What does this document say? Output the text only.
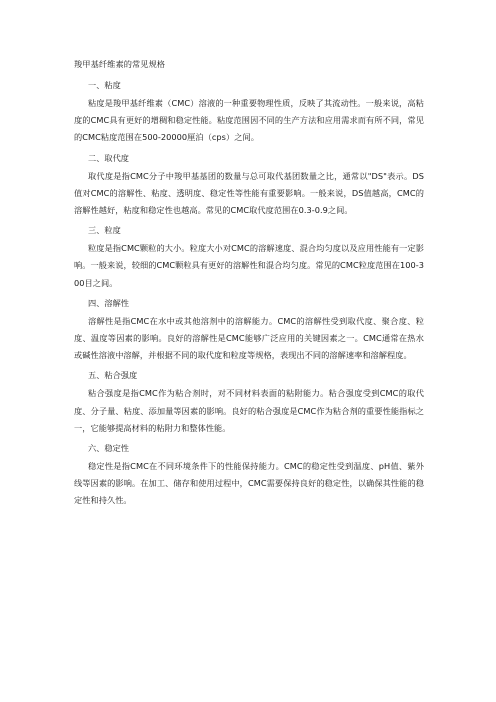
羧甲基纤维素的常见规格
一、粘度

粘度是羧甲基纤维素（CMC）溶液的一种重要物理性质，反映了其流动性。一般来说，高粘度的CMC具有更好的增稠和稳定性能。粘度范围因不同的生产方法和应用需求而有所不同，常见的CMC粘度范围在500-20000厘泊（cps）之间。

二、取代度

取代度是指CMC分子中羧甲基基团的数量与总可取代基团数量之比，通常以"DS"表示。DS值对CMC的溶解性、粘度、透明度、稳定性等性能有重要影响。一般来说，DS值越高，CMC的溶解性越好，粘度和稳定性也越高。常见的CMC取代度范围在0.3-0.9之间。

三、粒度

粒度是指CMC颗粒的大小。粒度大小对CMC的溶解速度、混合均匀度以及应用性能有一定影响。一般来说，较细的CMC颗粒具有更好的溶解性和混合均匀度。常见的CMC粒度范围在100-300目之间。

四、溶解性

溶解性是指CMC在水中或其他溶剂中的溶解能力。CMC的溶解性受到取代度、聚合度、粒度、温度等因素的影响。良好的溶解性是CMC能够广泛应用的关键因素之一。CMC通常在热水或碱性溶液中溶解，并根据不同的取代度和粒度等规格，表现出不同的溶解速率和溶解程度。

五、粘合强度

粘合强度是指CMC作为粘合剂时，对不同材料表面的粘附能力。粘合强度受到CMC的取代度、分子量、粘度、添加量等因素的影响。良好的粘合强度是CMC作为粘合剂的重要性能指标之一，它能够提高材料的粘附力和整体性能。

六、稳定性

稳定性是指CMC在不同环境条件下的性能保持能力。CMC的稳定性受到温度、pH值、紫外线等因素的影响。在加工、储存和使用过程中，CMC需要保持良好的稳定性，以确保其性能的稳定性和持久性。
